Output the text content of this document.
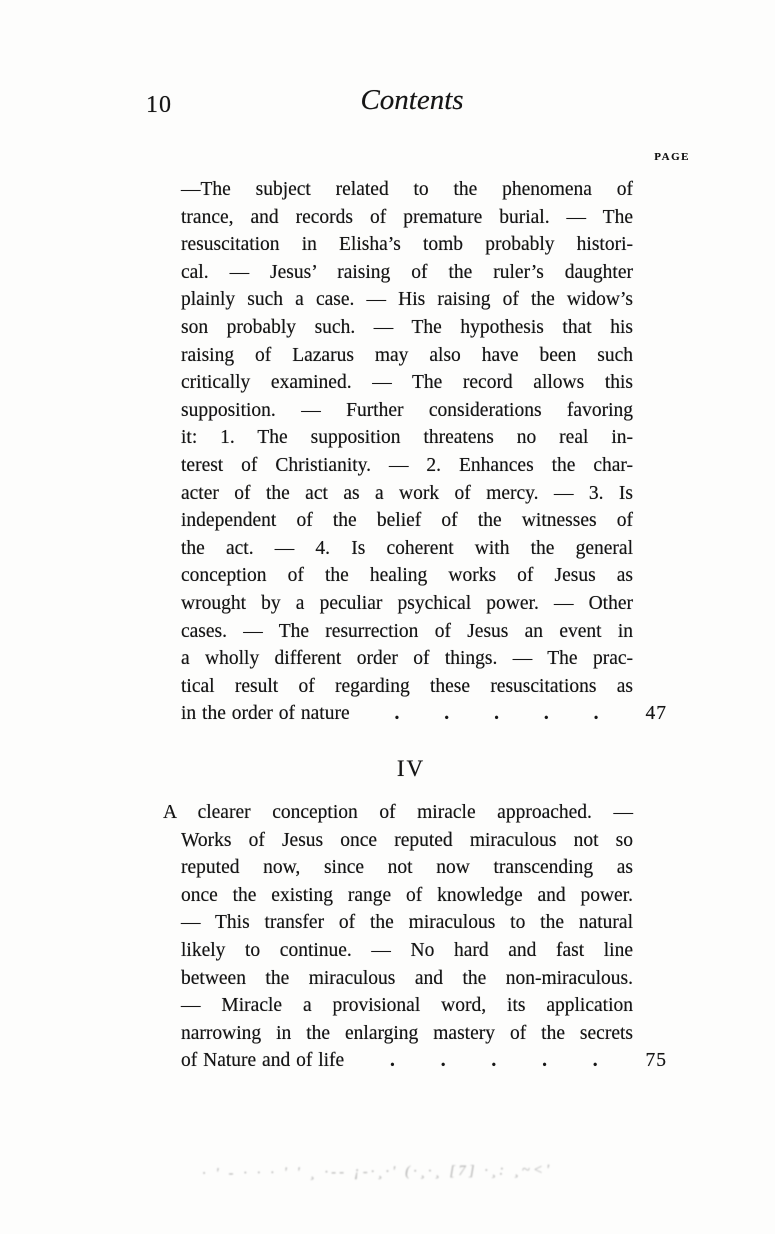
10	Contents
PAGE
—The subject related to the phenomena of
trance, and records of premature burial. — The
resuscitation in Elisha’s tomb probably histori-
cal. — Jesus’ raising of the ruler’s daughter
plainly such a case. — His raising of the widow’s
son probably such. — The hypothesis that his
raising of Lazarus may also have been such
critically examined. — The record allows this
supposition. — Further considerations favoring
it: 1. The supposition threatens no real in-
terest of Christianity. — 2. Enhances the char-
acter of the act as a work of mercy. — 3. Is
independent of the belief of the witnesses of
the act. — 4. Is coherent with the general
conception of the healing works of Jesus as
wrought by a peculiar psychical power. — Other
cases. — The resurrection of Jesus an event in
a wholly different order of things. — The prac-
tical result of regarding these resuscitations as
in the order of nature . . . . . 47
IV
A clearer conception of miracle approached. —
Works of Jesus once reputed miraculous not so
reputed now, since not now transcending as
once the existing range of knowledge and power.
— This transfer of the miraculous to the natural
likely to continue. — No hard and fast line
between the miraculous and the non-miraculous.
— Miracle a provisional word, its application
narrowing in the enlarging mastery of the secrets
of Nature and of life . . . . . 75
· ' ‐ · · · ' ' ¸ ·‐‐ ¡‐·¸·' (·¸·¸ [7] ·¸: ¸~<'
